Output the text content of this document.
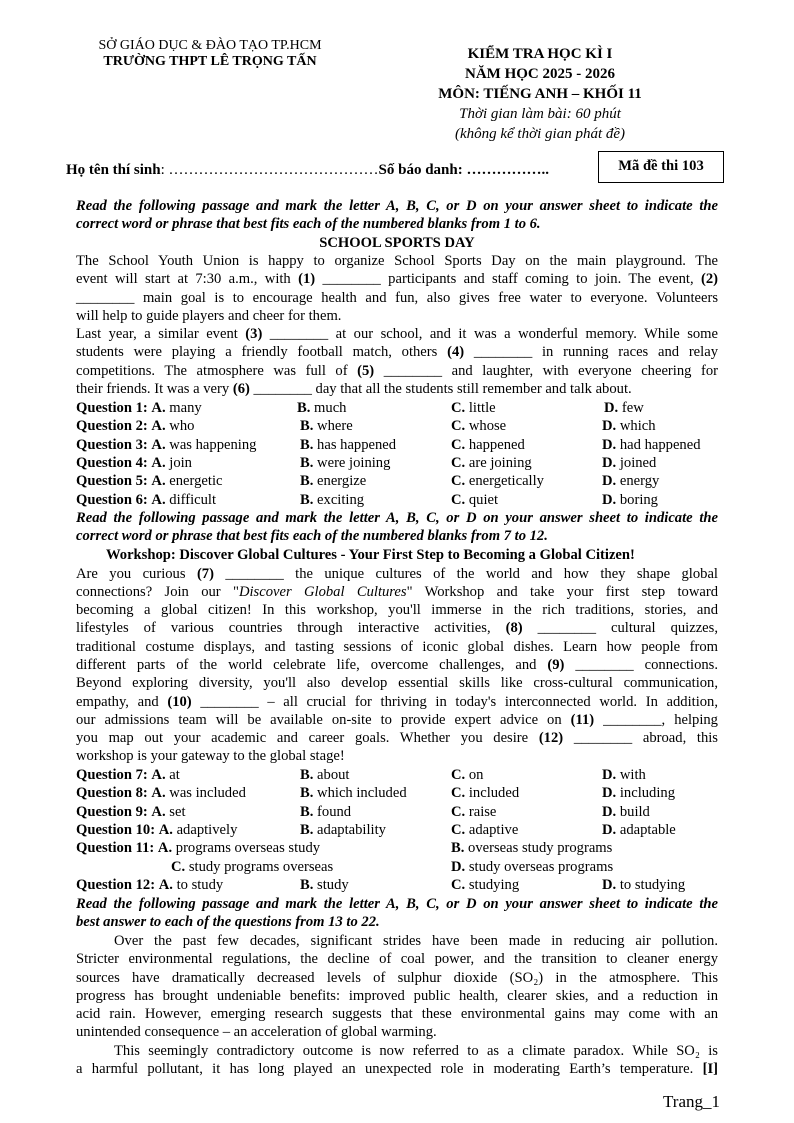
SỞ GIÁO DỤC & ĐÀO TẠO TP.HCM
TRƯỜNG THPT LÊ TRỌNG TẤN	KIỂM TRA HỌC KÌ I
NĂM HỌC 2025 - 2026
MÔN: TIẾNG ANH – KHỐI 11
Thời gian làm bài: 60 phút
(không kể thời gian phát đề)
Họ tên thí sinh: ……………………………………Số báo danh: ……………..	Mã đề thi 103
Read the following passage and mark the letter A, B, C, or D on your answer sheet to indicate the
correct word or phrase that best fits each of the numbered blanks from 1 to 6.
SCHOOL SPORTS DAY
The School Youth Union is happy to organize School Sports Day on the main playground. The
event will start at 7:30 a.m., with (1) ________ participants and staff coming to join. The event, (2)
________ main goal is to encourage health and fun, also gives free water to everyone. Volunteers
will help to guide players and cheer for them.
Last year, a similar event (3) ________ at our school, and it was a wonderful memory. While some
students were playing a friendly football match, others (4) ________ in running races and relay
competitions. The atmosphere was full of (5) ________ and laughter, with everyone cheering for
their friends. It was a very (6) ________ day that all the students still remember and talk about.
Question 1: A. many	B. much	C. little	D. few
Question 2: A. who	B. where	C. whose	D. which
Question 3: A. was happening	B. has happened	C. happened	D. had happened
Question 4: A. join	B. were joining	C. are joining	D. joined
Question 5: A. energetic	B. energize	C. energetically	D. energy
Question 6: A. difficult	B. exciting	C. quiet	D. boring
Read the following passage and mark the letter A, B, C, or D on your answer sheet to indicate the
correct word or phrase that best fits each of the numbered blanks from 7 to 12.
Workshop: Discover Global Cultures - Your First Step to Becoming a Global Citizen!
Are you curious (7) ________ the unique cultures of the world and how they shape global
connections? Join our "Discover Global Cultures" Workshop and take your first step toward
becoming a global citizen! In this workshop, you'll immerse in the rich traditions, stories, and
lifestyles of various countries through interactive activities, (8) ________ cultural quizzes,
traditional costume displays, and tasting sessions of iconic global dishes. Learn how people from
different parts of the world celebrate life, overcome challenges, and (9) ________ connections.
Beyond exploring diversity, you'll also develop essential skills like cross-cultural communication,
empathy, and (10) ________ – all crucial for thriving in today's interconnected world. In addition,
our admissions team will be available on-site to provide expert advice on (11) ________, helping
you map out your academic and career goals. Whether you desire (12) ________ abroad, this
workshop is your gateway to the global stage!
Question 7: A. at	B. about	C. on	D. with
Question 8: A. was included	B. which included	C. included	D. including
Question 9: A. set	B. found	C. raise	D. build
Question 10: A. adaptively	B. adaptability	C. adaptive	D. adaptable
Question 11: A. programs overseas study	B. overseas study programs
C. study programs overseas	D. study overseas programs
Question 12: A. to study	B. study	C. studying	D. to studying
Read the following passage and mark the letter A, B, C, or D on your answer sheet to indicate the
best answer to each of the questions from 13 to 22.
Over the past few decades, significant strides have been made in reducing air pollution.
Stricter environmental regulations, the decline of coal power, and the transition to cleaner energy
sources have dramatically decreased levels of sulphur dioxide (SO₂) in the atmosphere. This
progress has brought undeniable benefits: improved public health, clearer skies, and a reduction in
acid rain. However, emerging research suggests that these environmental gains may come with an
unintended consequence – an acceleration of global warming.
This seemingly contradictory outcome is now referred to as a climate paradox. While SO₂ is
a harmful pollutant, it has long played an unexpected role in moderating Earth’s temperature. [I]
Trang_1
